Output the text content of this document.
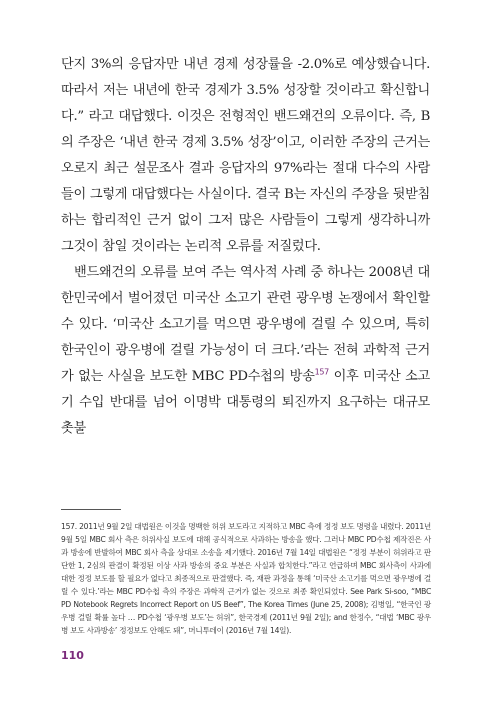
단지 3%의 응답자만 내년 경제 성장률을 -2.0%로 예상했습니다. 따라서 저는 내년에 한국 경제가 3.5% 성장할 것이라고 확신합니다.” 라고 대답했다. 이것은 전형적인 밴드왜건의 오류이다. 즉, B의 주장은 ‘내년 한국 경제 3.5% 성장’이고, 이러한 주장의 근거는 오로지 최근 설문조사 결과 응답자의 97%라는 절대 다수의 사람들이 그렇게 대답했다는 사실이다. 결국 B는 자신의 주장을 뒷받침하는 합리적인 근거 없이 그저 많은 사람들이 그렇게 생각하니까 그것이 참일 것이라는 논리적 오류를 저질렀다.

밴드왜건의 오류를 보여 주는 역사적 사례 중 하나는 2008년 대한민국에서 벌어졌던 미국산 소고기 관련 광우병 논쟁에서 확인할 수 있다. ‘미국산 소고기를 먹으면 광우병에 걸릴 수 있으며, 특히 한국인이 광우병에 걸릴 가능성이 더 크다.’라는 전혀 과학적 근거가 없는 사실을 보도한 MBC PD수첩의 방송$^{157}$ 이후 미국산 소고기 수입 반대를 넘어 이명박 대통령의 퇴진까지 요구하는 대규모 촛불

157. 2011년 9월 2일 대법원은 이것을 명백한 허위 보도라고 지적하고 MBC 측에 정정 보도 명령을 내렸다. 2011년 9월 5일 MBC 회사 측은 허위사실 보도에 대해 공식적으로 사과하는 방송을 했다. 그러나 MBC PD수첩 제작진은 사과 방송에 반발하여 MBC 회사 측을 상대로 소송을 제기했다. 2016년 7월 14일 대법원은 “정정 부분이 허위라고 판단한 1, 2심의 판결이 확정된 이상 사과 방송의 중요 부분은 사실과 합치한다.”라고 언급하며 MBC 회사측이 사과에 대한 정정 보도를 할 필요가 없다고 최종적으로 판결했다. 즉, 재판 과정을 통해 ‘미국산 소고기를 먹으면 광우병에 걸릴 수 있다.’라는 MBC PD수첩 측의 주장은 과학적 근거가 없는 것으로 최종 확인되었다. See Park Si-soo, “MBC PD Notebook Regrets Incorrect Report on US Beef”, The Korea Times (June 25, 2008); 김병일, “한국인 광우병 걸릴 확률 높다 … PD수첩 ‘광우병 보도’는 허위”, 한국경제 (2011년 9월 2일); and 한정수, “대법 ‘MBC 광우병 보도 사과방송’ 정정보도 안해도 돼”, 머니투데이 (2016년 7월 14일).

110
